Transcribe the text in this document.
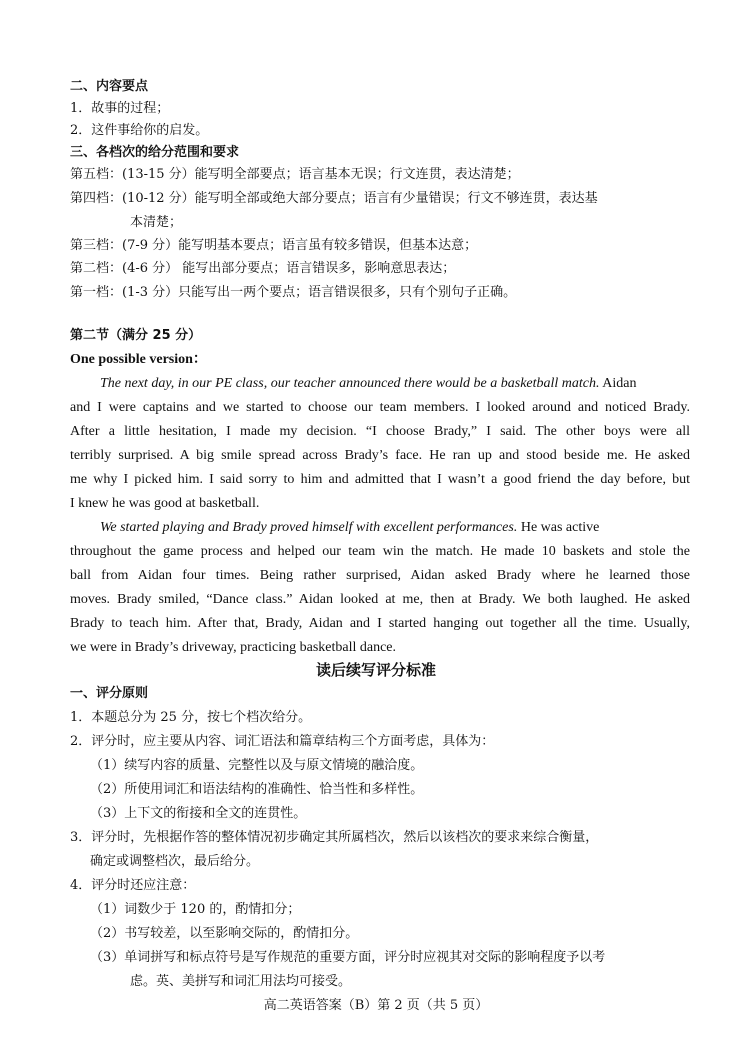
二、内容要点
1．故事的过程；
2．这件事给你的启发。
三、各档次的给分范围和要求
第五档：(13-15 分）能写明全部要点；语言基本无误；行文连贯，表达清楚；
第四档：(10-12 分）能写明全部或绝大部分要点；语言有少量错误；行文不够连贯，表达基
本清楚；
第三档：(7-9 分）能写明基本要点；语言虽有较多错误，但基本达意；
第二档：(4-6 分） 能写出部分要点；语言错误多，影响意思表达；
第一档：(1-3 分）只能写出一两个要点；语言错误很多，只有个别句子正确。
第二节（满分 25 分）
One possible version：
The next day, in our PE class, our teacher announced there would be a basketball match. Aidan
and I were captains and we started to choose our team members. I looked around and noticed Brady.
After a little hesitation, I made my decision. “I choose Brady,” I said. The other boys were all
terribly surprised. A big smile spread across Brady’s face. He ran up and stood beside me. He asked
me why I picked him. I said sorry to him and admitted that I wasn’t a good friend the day before, but
I knew he was good at basketball.
We started playing and Brady proved himself with excellent performances. He was active
throughout the game process and helped our team win the match. He made 10 baskets and stole the
ball from Aidan four times. Being rather surprised, Aidan asked Brady where he learned those
moves. Brady smiled, “Dance class.” Aidan looked at me, then at Brady. We both laughed. He asked
Brady to teach him. After that, Brady, Aidan and I started hanging out together all the time. Usually,
we were in Brady’s driveway, practicing basketball dance.
读后续写评分标准
一、评分原则
1．本题总分为 25 分，按七个档次给分。
2．评分时，应主要从内容、词汇语法和篇章结构三个方面考虑，具体为：
（1）续写内容的质量、完整性以及与原文情境的融洽度。
（2）所使用词汇和语法结构的准确性、恰当性和多样性。
（3）上下文的衔接和全文的连贯性。
3．评分时，先根据作答的整体情况初步确定其所属档次，然后以该档次的要求来综合衡量，
确定或调整档次，最后给分。
4．评分时还应注意：
（1）词数少于 120 的，酌情扣分；
（2）书写较差，以至影响交际的，酌情扣分。
（3）单词拼写和标点符号是写作规范的重要方面，评分时应视其对交际的影响程度予以考
虑。英、美拼写和词汇用法均可接受。
高二英语答案（B）第 2 页（共 5 页）
